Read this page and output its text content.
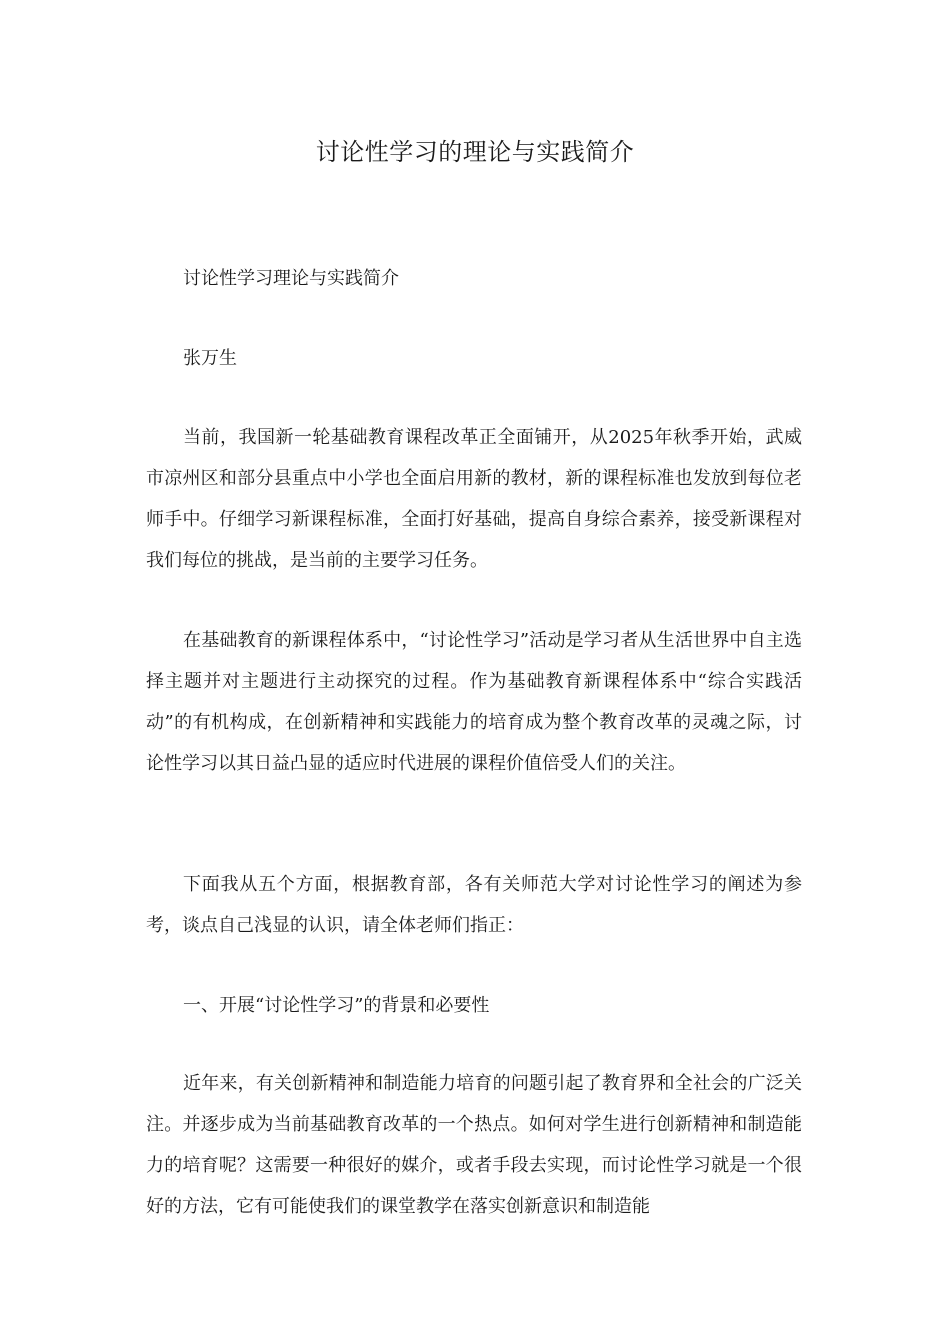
讨论性学习的理论与实践简介

讨论性学习理论与实践简介

张万生

当前，我国新一轮基础教育课程改革正全面铺开，从2025年秋季开始，武威市凉州区和部分县重点中小学也全面启用新的教材，新的课程标准也发放到每位老师手中。仔细学习新课程标准，全面打好基础，提高自身综合素养，接受新课程对我们每位的挑战，是当前的主要学习任务。

在基础教育的新课程体系中，“讨论性学习”活动是学习者从生活世界中自主选择主题并对主题进行主动探究的过程。作为基础教育新课程体系中“综合实践活动”的有机构成，在创新精神和实践能力的培育成为整个教育改革的灵魂之际，讨论性学习以其日益凸显的适应时代进展的课程价值倍受人们的关注。

下面我从五个方面，根据教育部，各有关师范大学对讨论性学习的阐述为参考，谈点自己浅显的认识，请全体老师们指正：

一、开展“讨论性学习”的背景和必要性

近年来，有关创新精神和制造能力培育的问题引起了教育界和全社会的广泛关注。并逐步成为当前基础教育改革的一个热点。如何对学生进行创新精神和制造能力的培育呢？这需要一种很好的媒介，或者手段去实现，而讨论性学习就是一个很好的方法，它有可能使我们的课堂教学在落实创新意识和制造能
